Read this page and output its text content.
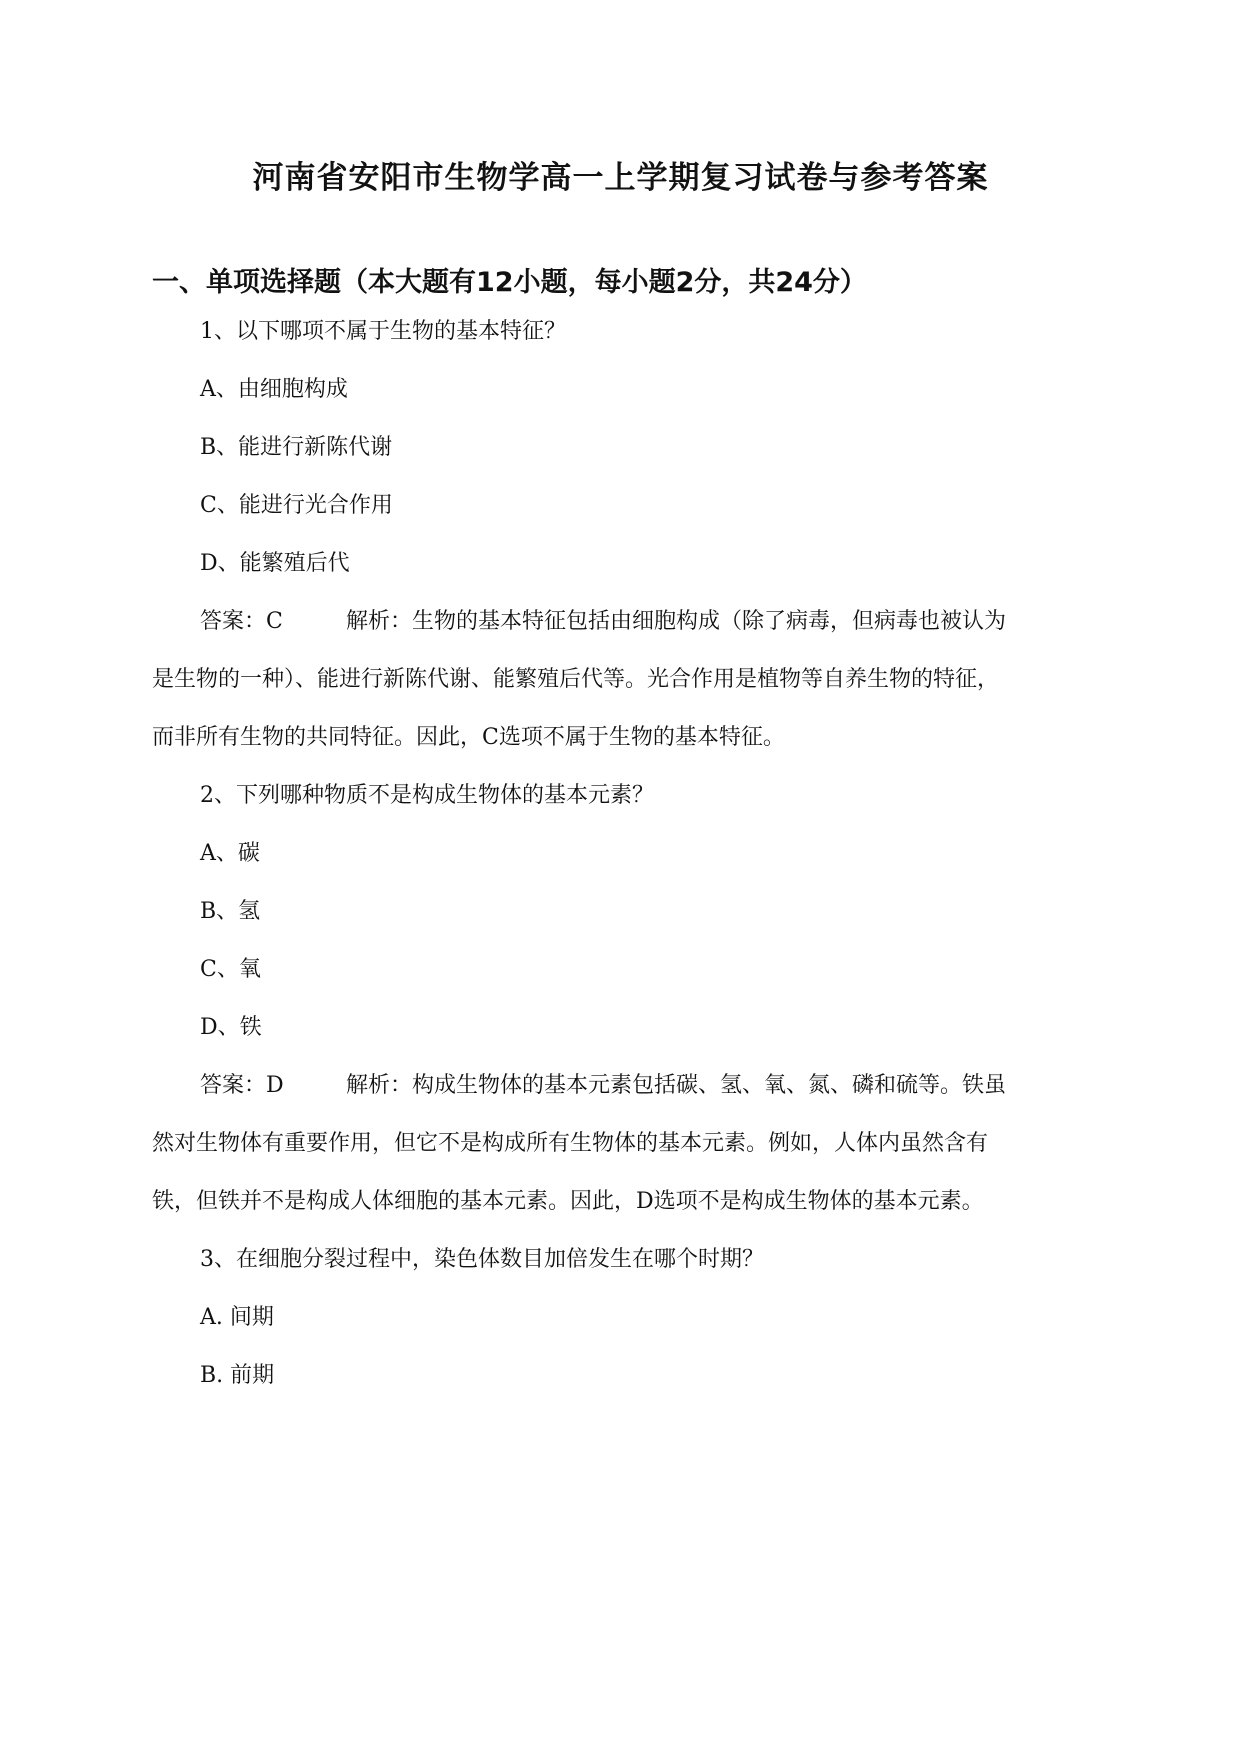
河南省安阳市生物学高一上学期复习试卷与参考答案
一、单项选择题（本大题有12小题，每小题2分，共24分）
1、以下哪项不属于生物的基本特征？
A、由细胞构成
B、能进行新陈代谢
C、能进行光合作用
D、能繁殖后代
答案：C	解析：生物的基本特征包括由细胞构成（除了病毒，但病毒也被认为
是生物的一种）、能进行新陈代谢、能繁殖后代等。光合作用是植物等自养生物的特征，
而非所有生物的共同特征。因此，C选项不属于生物的基本特征。
2、下列哪种物质不是构成生物体的基本元素？
A、碳
B、氢
C、氧
D、铁
答案：D	解析：构成生物体的基本元素包括碳、氢、氧、氮、磷和硫等。铁虽
然对生物体有重要作用，但它不是构成所有生物体的基本元素。例如，人体内虽然含有
铁，但铁并不是构成人体细胞的基本元素。因此，D选项不是构成生物体的基本元素。
3、在细胞分裂过程中，染色体数目加倍发生在哪个时期？
A. 间期
B. 前期
